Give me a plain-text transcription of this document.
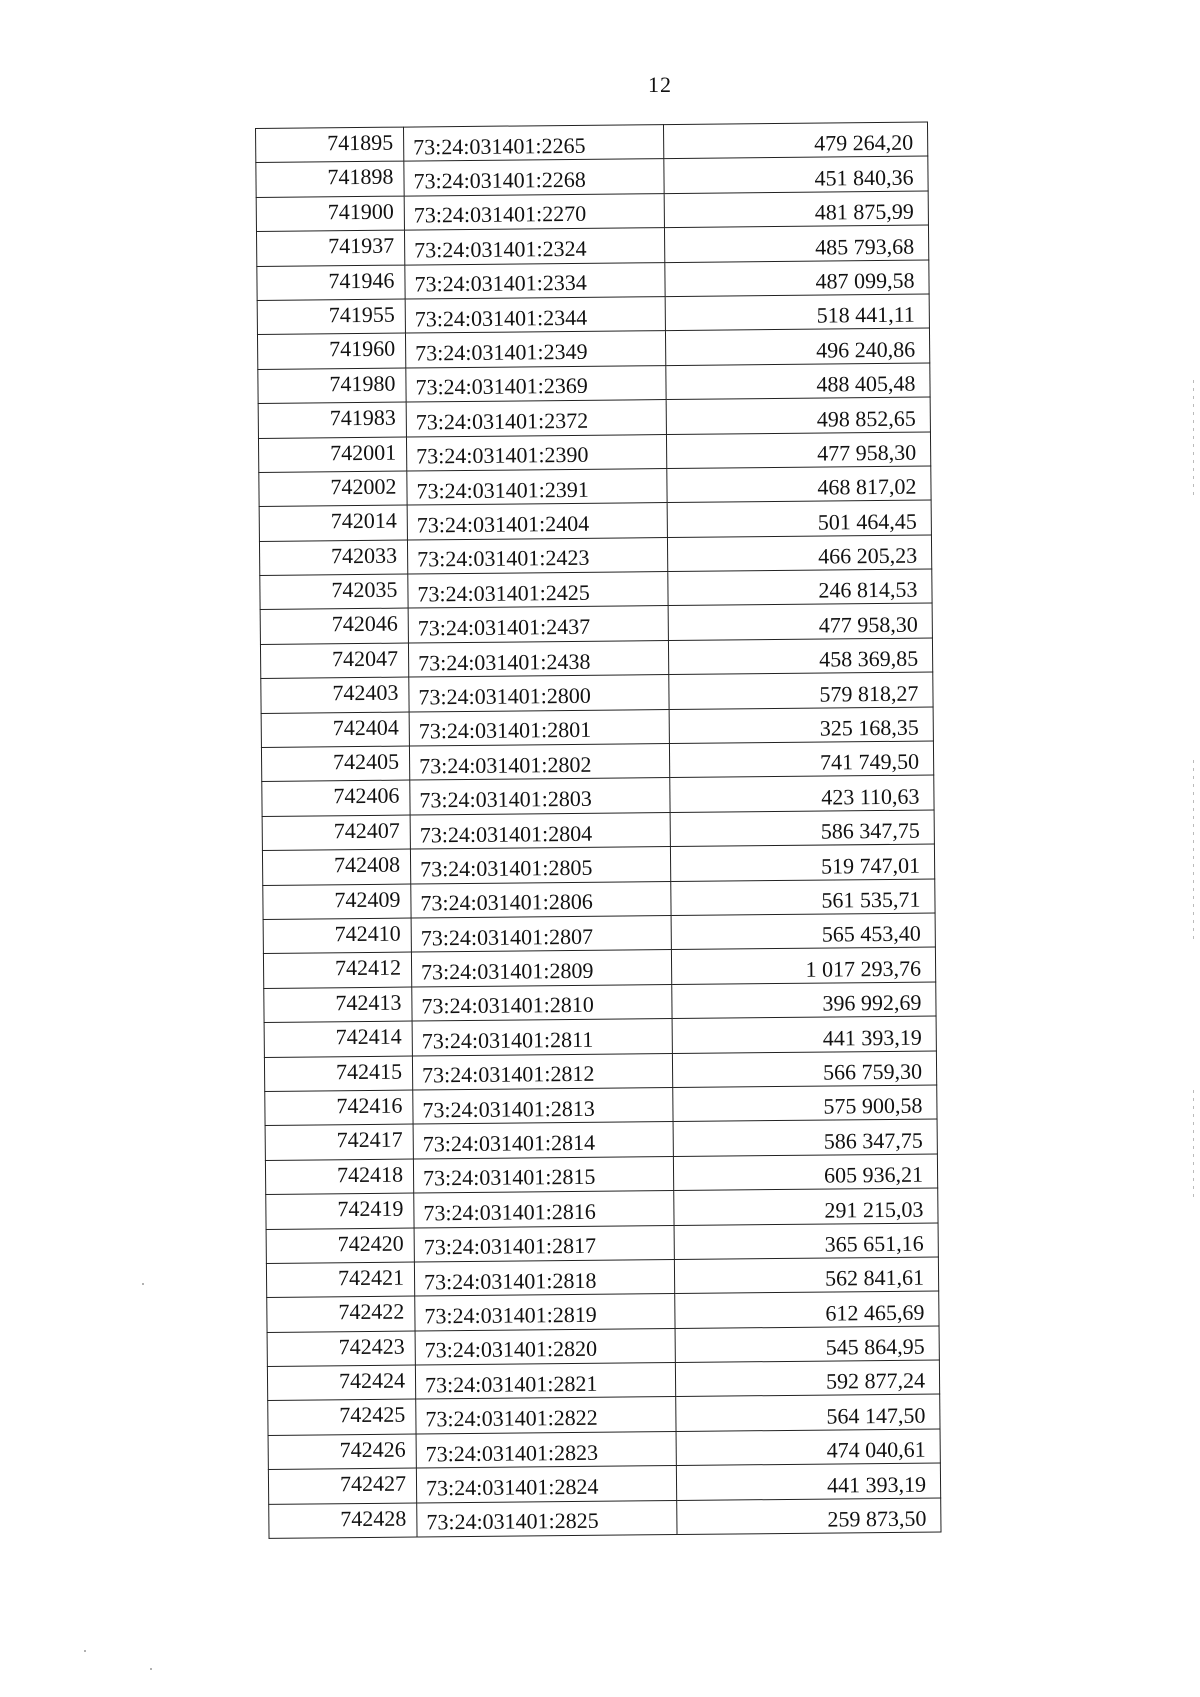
12
741895	73:24:031401:2265	479 264,20
741898	73:24:031401:2268	451 840,36
741900	73:24:031401:2270	481 875,99
741937	73:24:031401:2324	485 793,68
741946	73:24:031401:2334	487 099,58
741955	73:24:031401:2344	518 441,11
741960	73:24:031401:2349	496 240,86
741980	73:24:031401:2369	488 405,48
741983	73:24:031401:2372	498 852,65
742001	73:24:031401:2390	477 958,30
742002	73:24:031401:2391	468 817,02
742014	73:24:031401:2404	501 464,45
742033	73:24:031401:2423	466 205,23
742035	73:24:031401:2425	246 814,53
742046	73:24:031401:2437	477 958,30
742047	73:24:031401:2438	458 369,85
742403	73:24:031401:2800	579 818,27
742404	73:24:031401:2801	325 168,35
742405	73:24:031401:2802	741 749,50
742406	73:24:031401:2803	423 110,63
742407	73:24:031401:2804	586 347,75
742408	73:24:031401:2805	519 747,01
742409	73:24:031401:2806	561 535,71
742410	73:24:031401:2807	565 453,40
742412	73:24:031401:2809	1 017 293,76
742413	73:24:031401:2810	396 992,69
742414	73:24:031401:2811	441 393,19
742415	73:24:031401:2812	566 759,30
742416	73:24:031401:2813	575 900,58
742417	73:24:031401:2814	586 347,75
742418	73:24:031401:2815	605 936,21
742419	73:24:031401:2816	291 215,03
742420	73:24:031401:2817	365 651,16
742421	73:24:031401:2818	562 841,61
742422	73:24:031401:2819	612 465,69
742423	73:24:031401:2820	545 864,95
742424	73:24:031401:2821	592 877,24
742425	73:24:031401:2822	564 147,50
742426	73:24:031401:2823	474 040,61
742427	73:24:031401:2824	441 393,19
742428	73:24:031401:2825	259 873,50
